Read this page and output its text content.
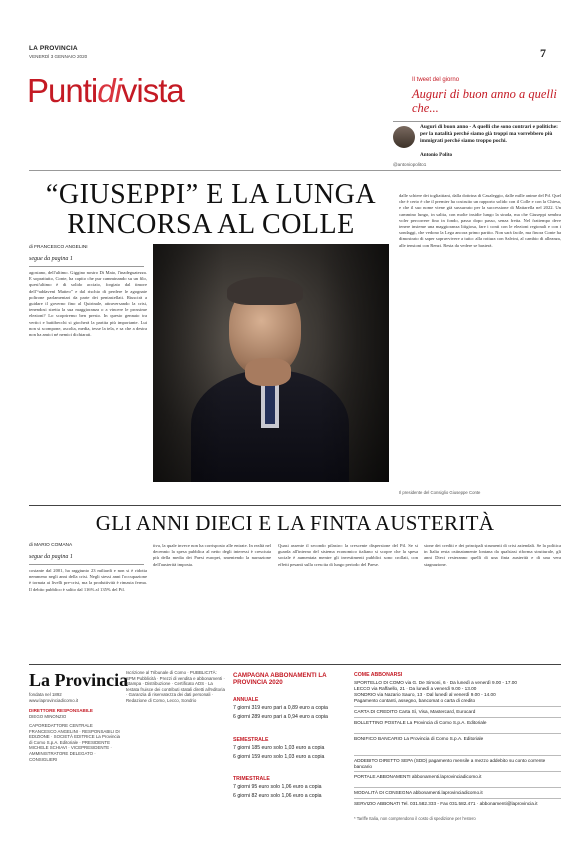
LA PROVINCIA
VENERDÌ 3 GENNAIO 2020	7
Puntidivista	Il tweet del giorno
Auguri di buon anno a quelli che...
Auguri di buon anno - A quelli che sono contrari e politiche: per la natalità perché siamo già troppi ma vorrebbero più immigrati perché siamo troppo pochi.
Antonio Polito
@antoniopolito1
“GIUSEPPI” E LA LUNGA RINCORSA AL COLLE
di FRANCESCO ANGELINI
segue da pagina 1
agostano, dell'ultimo. Giggino nostro Di Maio, l'inadeguatezza. E soprattutto, Conte, ha capito che pur camminando su un filo, quest'ultimo è di solido acciaio, forgiato dal timore dell'“addavenì Matteo” e dal rischio di perdere le agognate poltrone parlamentari da parte dei pentastellati. Riuscirà a guidare il governo fino al Quirinale, attraversando la crisi, tenendosi stretta la sua maggioranza o a vincere le prossime elezioni? Lo scopriremo ben presto. In questo gennaio tra vertici e battibecchi si giocherà la partita più importante. Lui non si scompone, ascolta, media, tesse la tela, e sa che a destra non ha amici né nemici dichiarati.
Il presidente del Consiglio Giuseppe Conte
dalle schiere dei togliattiani, dalla dottrina di Casaleggio, dalle mille anime del Pd. Quel che è certo è che il premier ha costruito un rapporto solido con il Colle e con la Chiesa, e che il suo nome viene già sussurrato per la successione di Mattarella nel 2022. Un cammino lungo, in salita, con molte insidie lungo la strada, ma che Giuseppi sembra voler percorrere fino in fondo, passo dopo passo, senza fretta. Nel frattempo deve tenere insieme una maggioranza litigiosa, fare i conti con le elezioni regionali e con i sondaggi, che vedono la Lega ancora primo partito. Non sarà facile, ma finora Conte ha dimostrato di saper sopravvivere a tutto: alla rottura con Salvini, al cambio di alleanza, alle tensioni con Renzi. Resta da vedere se basterà.
GLI ANNI DIECI E LA FINTA AUSTERITÀ
di MARIO COMANA
segue da pagina 1
costante dal 2001, ha raggiunto 23 miliardi e non si è ridotta nemmeno negli anni della crisi. Negli stessi anni l'occupazione è tornata ai livelli pre-crisi, ma la produttività è rimasta ferma. Il debito pubblico è salito dal 116% al 135% del Pil.
tiva, la quale invece non ha corrisposto alle entrate. In realtà nel decennio la spesa pubblica al netto degli interessi è cresciuta più della media dei Paesi europei, smentendo la narrazione dell'austerità imposta.
Quasi assente il secondo pilastro: la crescente dispersione del Pil. Se si guarda all'interno del sistema economico italiano si scopre che la spesa sociale è aumentata mentre gli investimenti pubblici sono crollati, con effetti pesanti sulla crescita di lungo periodo del Paese.
sione dei crediti e dei principali strumenti di crisi aziendali. Se la politica in Italia resta ostinatamente lontana da qualsiasi riforma strutturale, gli anni Dieci resteranno quelli di una finta austerità e di una vera stagnazione.
La Provincia
fondata nel 1892
www.laprovinciadicomo.it
DIRETTORE RESPONSABILE
DIEGO MINONZIO
CAPOREDATTORE CENTRALE FRANCESCO ANGELINI · RESPONSABILI DI EDIZIONE · SOCIETÀ EDITRICE La Provincia di Como S.p.A. Editoriale · PRESIDENTE MICHELE SCHIAVI · VICEPRESIDENTE · AMMINISTRATORE DELEGATO · CONSIGLIERI
Iscrizione al Tribunale di Como · PUBBLICITÀ: SPM Pubblicità · Prezzi di vendita e abbonamenti · Stampa · Distribuzione · Certificato ADS · La testata fruisce dei contributi statali diretti all'editoria · Garanzia di riservatezza dei dati personali · Redazione di Como, Lecco, Sondrio
CAMPAGNA ABBONAMENTI LA PROVINCIA 2020
ANNUALE
7 giorni 319 euro pari a 0,89 euro a copia
6 giorni 289 euro pari a 0,94 euro a copia
SEMESTRALE
7 giorni 185 euro solo 1,03 euro a copia
6 giorni 159 euro solo 1,03 euro a copia
TRIMESTRALE
7 giorni 95 euro solo 1,06 euro a copia
6 giorni 82 euro solo 1,06 euro a copia
COME ABBONARSI
SPORTELLO DI COMO via G. De Simoni, 6 · Da lunedì a venerdì 9.00 - 17.00
LECCO via Raffaello, 21 · Da lunedì a venerdì 9.00 - 13.00
SONDRIO via Nazario Sauro, 13 · Dal lunedì al venerdì 9.00 - 14.00
Pagamento contanti, assegno, bancomat o carta di credito
CARTA DI CREDITO Carta Sì, Visa, Mastercard, Eurocard
BOLLETTINO POSTALE La Provincia di Como S.p.A. Editoriale
BONIFICO BANCARIO La Provincia di Como S.p.A. Editoriale
ADDEBITO DIRETTO SEPA (SDD) pagamento mensile a mezzo addebito su conto corrente bancario
PORTALE ABBONAMENTI abbonamenti.laprovinciadicomo.it
MODALITÀ DI CONSEGNA abbonamenti.laprovinciadicomo.it
SERVIZIO ABBONATI Tel. 031.582.333 - Fax 031.582.471 · abbonamenti@laprovincia.it
* Tariffe Italia, non comprendono il costo di spedizione per l'estero
